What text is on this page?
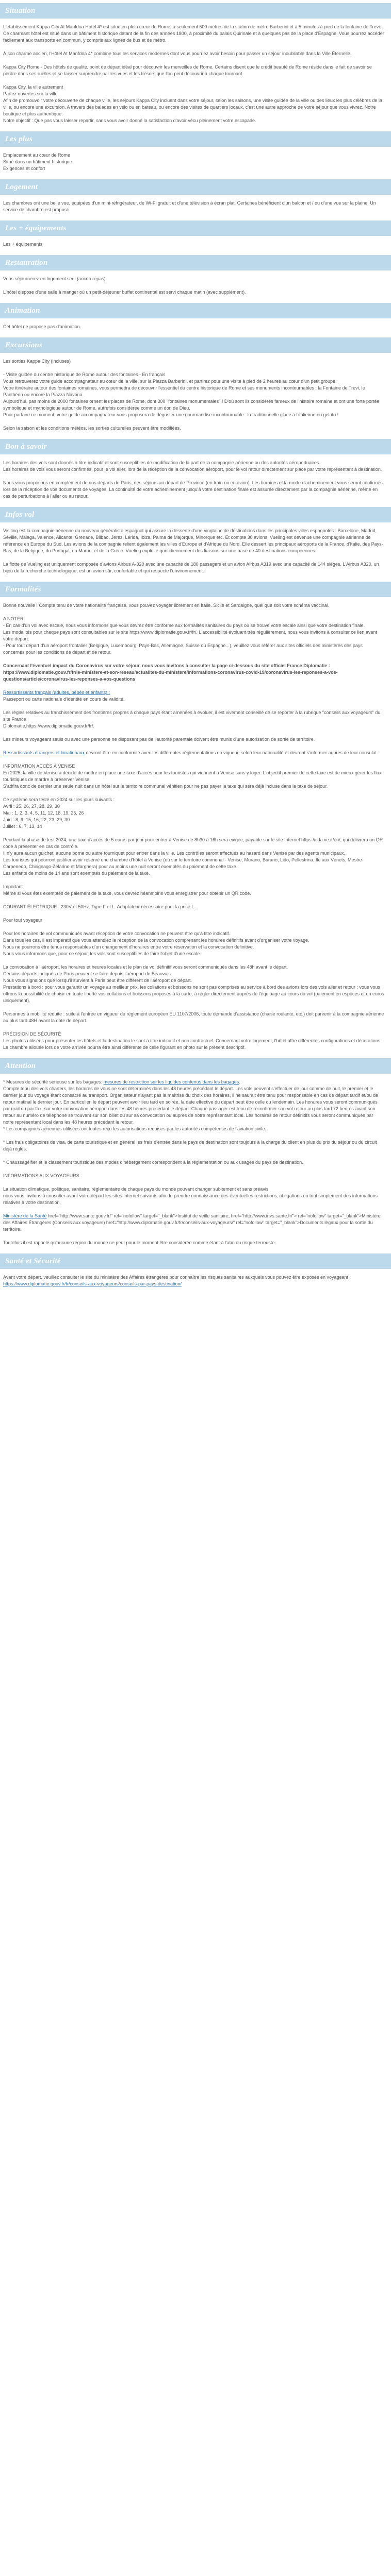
Situation

L'établissement Kappa City At Manfdoa Hotel 4* est situé en plein cœur de Rome, à seulement 500 mètres de la station de métro Barberini et à 5 minutes à pied de la fontaine de Trevi. Ce charmant hôtel est situé dans un bâtiment historique datant de la fin des années 1800, à proximité du palais Quirinale et à quelques pas de la place d'Espagne. Vous pourrez accéder facilement aux transports en commun, y compris aux lignes de bus et de métro.

À son charme ancien, l'Hôtel At Manfdoa 4* combine tous les services modernes dont vous pourriez avoir besoin pour passer un séjour inoubliable dans la Ville Éternelle.

Kappa City Rome - Des hôtels de qualité, point de départ idéal pour découvrir les merveilles de Rome. Certains disent que le crédit beauté de Rome réside dans le fait de savoir se perdre dans ses ruelles et se laisser surprendre par les vues et les trésors que l'on peut découvrir à chaque tournant.

Kappa City, la ville autrement
Partez ouvertes sur la ville
Afin de promouvoir votre découverte de chaque ville, les séjours Kappa City incluent dans votre séjour, selon les saisons, une visite guidée de la ville ou des lieux les plus célèbres de la ville, ou encore une excursion. A travers des balades en vélo ou en bateau, ou encore des visites de quartiers locaux, c'est une autre approche de votre séjour que vous vivrez. Notre boutique et plus authentique.
Notre objectif : Que pas vous laisser repartir, sans vous avoir donné la satisfaction d'avoir vécu pleinement votre escapade.

Les plus

Emplacement au cœur de Rome
Situé dans un bâtiment historique
Exigences et confort

Logement

Les chambres ont une belle vue, équipées d'un mini-réfrigérateur, de Wi-Fi gratuit et d'une télévision à écran plat. Certaines bénéficient d'un balcon et / ou d'une vue sur la plaine. Un service de chambre est proposé.

Les + équipements

Les + équipements

Restauration

Vous séjournerez en logement seul (aucun repas).

L'hôtel dispose d'une salle à manger où un petit-déjeuner buffet continental est servi chaque matin (avec supplément).

Animation

Cet hôtel ne propose pas d'animation.

Excursions

Les sorties Kappa City (incluses)

- Visite guidée du centre historique de Rome autour des fontaines - En français
Vous retrouverez votre guide accompagnateur au cœur de la ville, sur la Piazza Barberini, et partirez pour une visite à pied de 2 heures au cœur d'un petit groupe.
Votre itinéraire autour des fontaines romaines, vous permettra de découvrir l'essentiel du centre historique de Rome et ses monuments incontournables : la Fontaine de Trevi, le Panthéon ou encore la Piazza Navona.
Aujourd'hui, pas moins de 2000 fontaines ornent les places de Rome, dont 300 "fontaines monumentales" ! D'où sont ils considérés fameux de l'histoire romaine et ont une forte portée symbolique et mythologique autour de Rome, autrefois considérée comme un don de Dieu.
Pour parfaire ce moment, votre guide accompagnateur vous proposera de déguster une gourmandise incontournable : la traditionnelle glace à l'italienne ou gelato !

Selon la saison et les conditions météos, les sorties culturelles peuvent être modifiées.

Bon à savoir

Les horaires des vols sont donnés à titre indicatif et sont susceptibles de modification de la part de la compagnie aérienne ou des autorités aéroportuaires.
Les horaires de vols vous seront confirmés, pour le vol aller, lors de la réception de la convocation aéroport, pour le vol retour directement sur place par votre représentant à destination.

Nous vous proposons en complément de nos départs de Paris, des séjours au départ de Province (en train ou en avion). Les horaires et la mode d'acheminement vous seront confirmés lors de la réception de vos documents de voyages. La continuité de votre acheminement jusqu'à votre destination finale est assurée directement par la compagnie aérienne, même en cas de perturbations à l'aller ou au retour.

Infos vol

Visiting est la compagnie aérienne du nouveau généraliste espagnol qui assure la desserte d'une vingtaine de destinations dans les principales villes espagnoles : Barcelone, Madrid, Séville, Malaga, Valence, Alicante, Grenade, Bilbao, Jerez, Lérida, Ibiza, Palma de Majorque, Minorque etc. Et compte 30 avions. Vueling est devenue une compagnie aérienne de référence en Europe du Sud. Les avions de la compagnie relient également les villes d'Europe et d'Afrique du Nord. Elle dessert les principaux aéroports de la France, d'Italie, des Pays-Bas, de la Belgique, du Portugal, du Maroc, et de la Grèce. Vueling exploite quotidiennement des liaisons sur une base de 40 destinations européennes.

La flotte de Vueling est uniquement composée d'avions Airbus A-320 avec une capacité de 180 passagers et un avion Airbus A319 avec une capacité de 144 sièges. L'Airbus A320, un bijou de la recherche technologique, est un avion sûr, confortable et qui respecte l'environnement.

Formalités

Bonne nouvelle ! Compte tenu de votre nationalité française, vous pouvez voyager librement en Italie. Sicile et Sardaigne, quel que soit votre schéma vaccinal.

A NOTER
- En cas d'un vol avec escale, nous vous informons que vous devrez être conforme aux formalités sanitaires du pays où se trouve votre escale ainsi que votre destination finale.
Les modalités pour chaque pays sont consultables sur le site https://www.diplomatie.gouv.fr/fr/. L'accessibilité évoluant très régulièrement, nous vous invitons à consulter ce lien avant votre départ.
- Pour tout départ d'un aéroport frontalier (Belgique, Luxembourg, Pays-Bas, Allemagne, Suisse ou Espagne...), veuillez vous référer aux sites officiels des ministères des pays concernés pour les conditions de départ et de retour.

Concernant l'éventuel impact du Coronavirus sur votre séjour, nous vous invitons à consulter la page ci-dessous du site officiel France Diplomatie :
https://www.diplomatie.gouv.fr/fr/le-ministere-et-son-reseau/actualites-du-ministere/informations-coronavirus-covid-19/coronavirus-les-reponses-a-vos-questions/article/coronavirus-les-reponses-a-vos-questions

Ressortissants français (adultes, bébés et enfants) :
Passeport ou carte nationale d'identité en cours de validité.

Les règles relatives au franchissement des frontières propres à chaque pays étant amenées à évoluer, il est vivement conseillé de se reporter à la rubrique "conseils aux voyageurs" du site France
Diplomatie,https://www.diplomatie.gouv.fr/fr/.

Les mineurs voyageant seuls ou avec une personne ne disposant pas de l'autorité parentale doivent être munis d'une autorisation de sortie de territoire.

Ressortissants étrangers et binationaux devront être en conformité avec les différentes réglementations en vigueur, selon leur nationalité et devront s'informer auprès de leur consulat.

INFORMATION ACCÈS À VENISE
En 2025, la ville de Venise a décidé de mettre en place une taxe d'accès pour les touristes qui viennent à Venise sans y loger. L'objectif premier de cette taxe est de mieux gérer les flux touristiques de mardre à préserver Venise.
S'adfira donc de dernier une seule nuit dans un hôtel sur le territoire communal vénitien pour ne pas payer la taxe qui sera déjà incluse dans la taxe de séjour.

Ce système sera testé en 2024 sur les jours suivants :
Avril : 25, 26, 27, 28, 29, 30
Mai : 1, 2, 3, 4, 5, 11, 12, 18, 19, 25, 26
Juin : 8, 9, 15, 16, 22, 23, 29, 30
Juillet : 6, 7, 13, 14

Pendant la phase de test 2024, une taxe d'accès de 5 euros par jour pour entrer à Venise de 8h30 à 16h sera exigée, payable sur le site Internet https://cda.ve.it/en/, qui délivrera un QR code à présenter en cas de contrôle.
Il n'y aura aucun guichet, aucune borne ou autre tourniquet pour entrer dans la ville. Les contrôles seront effectués au hasard dans Venise par des agents municipaux.
Les touristes qui pourront justifier avoir réservé une chambre d'hôtel à Venise (ou sur le territoire communal - Venise, Murano, Burano, Lido, Pellestrina, Ile aux Vénets, Mestre-Carpenedo, Chirignago-Zelarino et Marghera) pour au moins une nuit seront exemptés du paiement de cette taxe.
Les enfants de moins de 14 ans sont exemptés du paiement de la taxe.

Important
Même si vous êtes exemptés de paiement de la taxe, vous devrez néanmoins vous enregistrer pour obtenir un QR code.

COURANT ÉLECTRIQUE : 230V et 50Hz. Type F et L. Adaptateur nécessaire pour la prise L.

Pour tout voyageur

Pour les horaires de vol communiqués avant réception de votre convocation ne peuvent être qu'à titre indicatif.
Dans tous les cas, il est impératif que vous attendiez la réception de la convocation comprenant les horaires définitifs avant d'organiser votre voyage.
Nous ne pourrons être tenus responsables d'un changement d'horaires entre votre réservation et la convocation définitive.
Nous vous informons que, pour ce séjour, les vols sont susceptibles de faire l'objet d'une escale.

La convocation à l'aéroport, les horaires et heures locales et le plan de vol définitif vous seront communiqués dans les 48h avant le départ.
Certains départs indiqués de Paris peuvent se faire depuis l'aéroport de Beauvais.
Nous vous signalons que lorsqu'il survient à Paris peut être différent de l'aéroport de départ.
Prestations à bord : pour vous garantir un voyage au meilleur prix, les collations et boissons ne sont pas comprises au service à bord des avions lors des vols aller et retour ; vous vous offrons la possibilité de choisir en toute liberté vos collations et boissons proposés à la carte, à régler directement auprès de l'équipage au cours du vol (paiement en espèces et en euros uniquement).

Personnes à mobilité réduite : suite à l'entrée en vigueur du règlement européen EU 1107/2006, toute demande d'assistance (chaise roulante, etc.) doit parvenir à la compagnie aérienne au plus tard 48H avant la date de départ.

PRÉCISION DE SÉCURITÉ
Les photos utilisées pour présenter les hôtels et la destination le sont à titre indicatif et non contractuel. Concernant votre logement, l'hôtel offre différentes configurations et décorations. La chambre allouée lors de votre arrivée pourra être ainsi différente de celle figurant en photo sur le présent descriptif.

Attention

* Mesures de sécurité sérieuse sur les bagages: mesures de restriction sur les liquides contenus dans les bagages.
Compte tenu des vols charters, les horaires de vous ne sont déterminés dans les 48 heures précédant le départ. Les vols peuvent s'effectuer de jour comme de nuit, le premier et le dernier jour du voyage étant consacré au transport. Organisateur n'ayant pas la maîtrise du choix des horaires, il ne saurait être tenu pour responsable en cas de départ tardif et/ou de retour matinal le dernier jour. En particulier, le départ peuvent avoir lieu tard en soirée, la date effective du départ peut être celle du lendemain. Les horaires vous seront communiqués par mail ou par fax, sur votre convocation aéroport dans les 48 heures précédant le départ. Chaque passager est tenu de reconfirmer son vol retour au plus tard 72 heures avant son retour au numéro de téléphone se trouvant sur son billet ou sur sa convocation ou auprès de notre représentant local. Les horaires de retour définitifs vous seront communiqués par notre représentant local dans les 48 heures précédant le retour.
* Les compagnies aériennes utilisées ont toutes reçu les autorisations requises par les autorités compétentes de l'aviation civile.

* Les frais obligatoires de visa, de carte touristique et en général les frais d'entrée dans le pays de destination sont toujours à la charge du client en plus du prix du séjour ou du circuit déjà réglés.

* Chaussagéifier et le classement touristique des modes d'hébergement correspondent à la réglementation ou aux usages du pays de destination.

INFORMATIONS AUX VOYAGEURS :

La situation climatique, politique, sanitaire, réglementaire de chaque pays du monde pouvant changer subitement et sans préavis
nous vous invitons à consulter avant votre départ les sites Internet suivants afin de prendre connaissance des éventuelles restrictions, obligations ou tout simplement des informations relatives à votre destination.

Ministère de la Santé href="http://www.sante.gouv.fr/" rel="nofollow" target="_blank">Institut de veille sanitaire, href="http://www.invs.sante.fr/"> rel="nofollow" target="_blank">Ministère des Affaires Étrangères (Conseils aux voyageurs) href="http://www.diplomatie.gouv.fr/fr/conseils-aux-voyageurs/" rel="nofollow" target="_blank">Documents lègaux pour la sortie du territoire.

Toutefois il est rappelé qu'aucune région du monde ne peut pour le moment être considérée comme étant à l'abri du risque terroriste.

Santé et Sécurité

Avant votre départ, veuillez consulter le site du ministère des Affaires étrangères pour connaître les risques sanitaires auxquels vous pouvez être exposés en voyageant : https://www.diplomatie.gouv.fr/fr/conseils-aux-voyageurs/conseils-par-pays-destination/
